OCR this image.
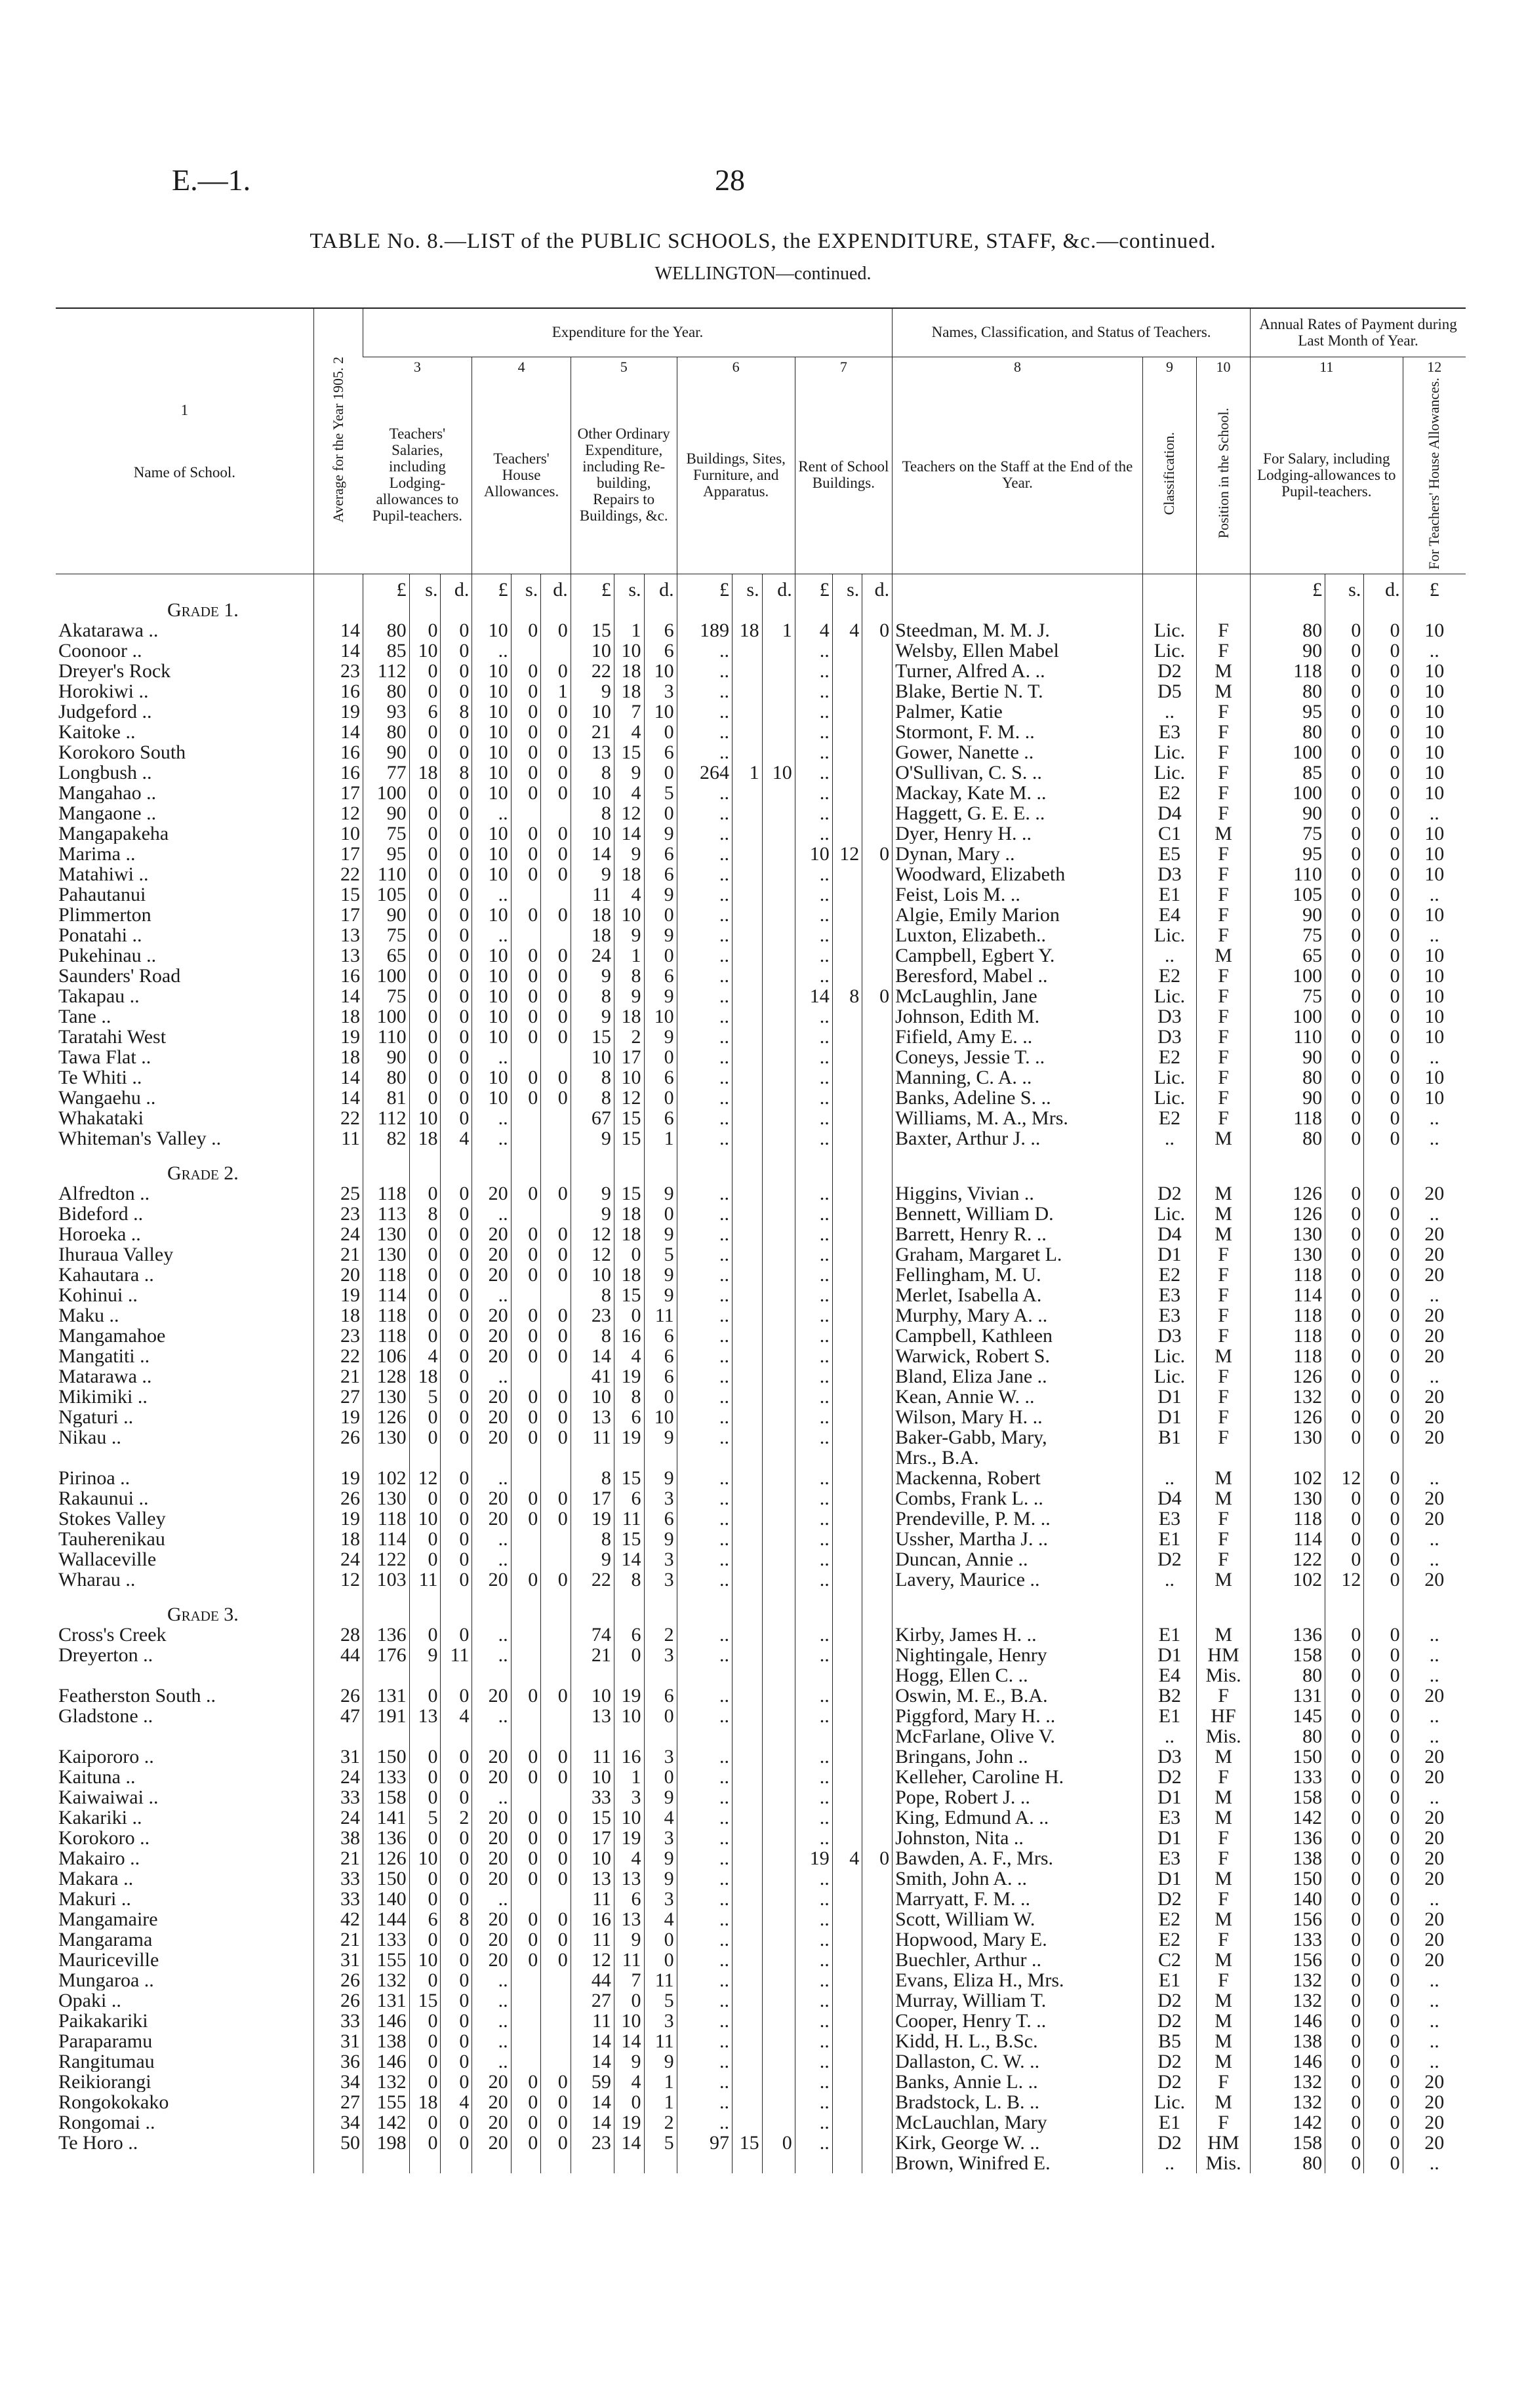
E.—1.	28
TABLE No. 8.—LIST of the PUBLIC SCHOOLS, the EXPENDITURE, STAFF, &c.—continued.
WELLINGTON—continued.
1
Name of School.	Average for the Year 1905. 2	Expenditure for the Year.															Names, Classification, and Status of Teachers.			Annual Rates of Payment during Last Month of Year.			
		3			4			5			6			7			8	9	10	11			12
		Teachers' Salaries, including Lodging-allowances to Pupil-teachers.			Teachers' House Allowances.			Other Ordinary Expenditure, including Re-building, Repairs to Buildings, &c.			Buildings, Sites, Furniture, and Apparatus.			Rent of School Buildings.			Teachers on the Staff at the End of the Year.	Classification.	Position in the School.	For Salary, including Lodging-allowances to Pupil-teachers.			For Teachers' House Allowances.
		£	s.	d.	£	s.	d.	£	s.	d.	£	s.	d.	£	s.	d.				£	s.	d.	£
Grade 1.																							
Akatarawa ..	14	80	0	0	10	0	0	15	1	6	189	18	1	4	4	0	Steedman, M. M. J.	Lic.	F	80	0	0	10
Coonoor ..	14	85	10	0	..			10	10	6	..			..			Welsby, Ellen Mabel	Lic.	F	90	0	0	..
Dreyer's Rock	23	112	0	0	10	0	0	22	18	10	..			..			Turner, Alfred A. ..	D2	M	118	0	0	10
Horokiwi ..	16	80	0	0	10	0	1	9	18	3	..			..			Blake, Bertie N. T.	D5	M	80	0	0	10
Judgeford ..	19	93	6	8	10	0	0	10	7	10	..			..			Palmer, Katie	..	F	95	0	0	10
Kaitoke ..	14	80	0	0	10	0	0	21	4	0	..			..			Stormont, F. M. ..	E3	F	80	0	0	10
Korokoro South	16	90	0	0	10	0	0	13	15	6	..			..			Gower, Nanette ..	Lic.	F	100	0	0	10
Longbush ..	16	77	18	8	10	0	0	8	9	0	264	1	10	..			O'Sullivan, C. S. ..	Lic.	F	85	0	0	10
Mangahao ..	17	100	0	0	10	0	0	10	4	5	..			..			Mackay, Kate M. ..	E2	F	100	0	0	10
Mangaone ..	12	90	0	0	..			8	12	0	..			..			Haggett, G. E. E. ..	D4	F	90	0	0	..
Mangapakeha	10	75	0	0	10	0	0	10	14	9	..			..			Dyer, Henry H. ..	C1	M	75	0	0	10
Marima ..	17	95	0	0	10	0	0	14	9	6	..			10	12	0	Dynan, Mary ..	E5	F	95	0	0	10
Matahiwi ..	22	110	0	0	10	0	0	9	18	6	..			..			Woodward, Elizabeth	D3	F	110	0	0	10
Pahautanui	15	105	0	0	..			11	4	9	..			..			Feist, Lois M. ..	E1	F	105	0	0	..
Plimmerton	17	90	0	0	10	0	0	18	10	0	..			..			Algie, Emily Marion	E4	F	90	0	0	10
Ponatahi ..	13	75	0	0	..			18	9	9	..			..			Luxton, Elizabeth..	Lic.	F	75	0	0	..
Pukehinau ..	13	65	0	0	10	0	0	24	1	0	..			..			Campbell, Egbert Y.	..	M	65	0	0	10
Saunders' Road	16	100	0	0	10	0	0	9	8	6	..			..			Beresford, Mabel ..	E2	F	100	0	0	10
Takapau ..	14	75	0	0	10	0	0	8	9	9	..			14	8	0	McLaughlin, Jane	Lic.	F	75	0	0	10
Tane ..	18	100	0	0	10	0	0	9	18	10	..			..			Johnson, Edith M.	D3	F	100	0	0	10
Taratahi West	19	110	0	0	10	0	0	15	2	9	..			..			Fifield, Amy E. ..	D3	F	110	0	0	10
Tawa Flat ..	18	90	0	0	..			10	17	0	..			..			Coneys, Jessie T. ..	E2	F	90	0	0	..
Te Whiti ..	14	80	0	0	10	0	0	8	10	6	..			..			Manning, C. A. ..	Lic.	F	80	0	0	10
Wangaehu ..	14	81	0	0	10	0	0	8	12	0	..			..			Banks, Adeline S. ..	Lic.	F	90	0	0	10
Whakataki	22	112	10	0	..			67	15	6	..			..			Williams, M. A., Mrs.	E2	F	118	0	0	..
Whiteman's Valley ..	11	82	18	4	..			9	15	1	..			..			Baxter, Arthur J. ..	..	M	80	0	0	..

Grade 2.																							
Alfredton ..	25	118	0	0	20	0	0	9	15	9	..			..			Higgins, Vivian ..	D2	M	126	0	0	20
Bideford ..	23	113	8	0	..			9	18	0	..			..			Bennett, William D.	Lic.	M	126	0	0	..
Horoeka ..	24	130	0	0	20	0	0	12	18	9	..			..			Barrett, Henry R. ..	D4	M	130	0	0	20
Ihuraua Valley	21	130	0	0	20	0	0	12	0	5	..			..			Graham, Margaret L.	D1	F	130	0	0	20
Kahautara ..	20	118	0	0	20	0	0	10	18	9	..			..			Fellingham, M. U.	E2	F	118	0	0	20
Kohinui ..	19	114	0	0	..			8	15	9	..			..			Merlet, Isabella A.	E3	F	114	0	0	..
Maku ..	18	118	0	0	20	0	0	23	0	11	..			..			Murphy, Mary A. ..	E3	F	118	0	0	20
Mangamahoe	23	118	0	0	20	0	0	8	16	6	..			..			Campbell, Kathleen	D3	F	118	0	0	20
Mangatiti ..	22	106	4	0	20	0	0	14	4	6	..			..			Warwick, Robert S.	Lic.	M	118	0	0	20
Matarawa ..	21	128	18	0	..			41	19	6	..			..			Bland, Eliza Jane ..	Lic.	F	126	0	0	..
Mikimiki ..	27	130	5	0	20	0	0	10	8	0	..			..			Kean, Annie W. ..	D1	F	132	0	0	20
Ngaturi ..	19	126	0	0	20	0	0	13	6	10	..			..			Wilson, Mary H. ..	D1	F	126	0	0	20
Nikau ..	26	130	0	0	20	0	0	11	19	9	..			..			Baker-Gabb, Mary,	B1	F	130	0	0	20
																	Mrs., B.A.						
Pirinoa ..	19	102	12	0	..			8	15	9	..			..			Mackenna, Robert	..	M	102	12	0	..
Rakaunui ..	26	130	0	0	20	0	0	17	6	3	..			..			Combs, Frank L. ..	D4	M	130	0	0	20
Stokes Valley	19	118	10	0	20	0	0	19	11	6	..			..			Prendeville, P. M. ..	E3	F	118	0	0	20
Tauherenikau	18	114	0	0	..			8	15	9	..			..			Ussher, Martha J. ..	E1	F	114	0	0	..
Wallaceville	24	122	0	0	..			9	14	3	..			..			Duncan, Annie ..	D2	F	122	0	0	..
Wharau ..	12	103	11	0	20	0	0	22	8	3	..			..			Lavery, Maurice ..	..	M	102	12	0	20

Grade 3.																							
Cross's Creek	28	136	0	0	..			74	6	2	..			..			Kirby, James H. ..	E1	M	136	0	0	..
Dreyerton ..	44	176	9	11	..			21	0	3	..			..			Nightingale, Henry	D1	HM	158	0	0	..
																	Hogg, Ellen C. ..	E4	Mis.	80	0	0	..
Featherston South ..	26	131	0	0	20	0	0	10	19	6	..			..			Oswin, M. E., B.A.	B2	F	131	0	0	20
Gladstone ..	47	191	13	4	..			13	10	0	..			..			Piggford, Mary H. ..	E1	HF	145	0	0	..
																	McFarlane, Olive V.	..	Mis.	80	0	0	..
Kaipororo ..	31	150	0	0	20	0	0	11	16	3	..			..			Bringans, John ..	D3	M	150	0	0	20
Kaituna ..	24	133	0	0	20	0	0	10	1	0	..			..			Kelleher, Caroline H.	D2	F	133	0	0	20
Kaiwaiwai ..	33	158	0	0	..			33	3	9	..			..			Pope, Robert J. ..	D1	M	158	0	0	..
Kakariki ..	24	141	5	2	20	0	0	15	10	4	..			..			King, Edmund A. ..	E3	M	142	0	0	20
Korokoro ..	38	136	0	0	20	0	0	17	19	3	..			..			Johnston, Nita ..	D1	F	136	0	0	20
Makairo ..	21	126	10	0	20	0	0	10	4	9	..			19	4	0	Bawden, A. F., Mrs.	E3	F	138	0	0	20
Makara ..	33	150	0	0	20	0	0	13	13	9	..			..			Smith, John A. ..	D1	M	150	0	0	20
Makuri ..	33	140	0	0	..			11	6	3	..			..			Marryatt, F. M. ..	D2	F	140	0	0	..
Mangamaire	42	144	6	8	20	0	0	16	13	4	..			..			Scott, William W.	E2	M	156	0	0	20
Mangarama	21	133	0	0	20	0	0	11	9	0	..			..			Hopwood, Mary E.	E2	F	133	0	0	20
Mauriceville	31	155	10	0	20	0	0	12	11	0	..			..			Buechler, Arthur ..	C2	M	156	0	0	20
Mungaroa ..	26	132	0	0	..			44	7	11	..			..			Evans, Eliza H., Mrs.	E1	F	132	0	0	..
Opaki ..	26	131	15	0	..			27	0	5	..			..			Murray, William T.	D2	M	132	0	0	..
Paikakariki	33	146	0	0	..			11	10	3	..			..			Cooper, Henry T. ..	D2	M	146	0	0	..
Paraparamu	31	138	0	0	..			14	14	11	..			..			Kidd, H. L., B.Sc.	B5	M	138	0	0	..
Rangitumau	36	146	0	0	..			14	9	9	..			..			Dallaston, C. W. ..	D2	M	146	0	0	..
Reikiorangi	34	132	0	0	20	0	0	59	4	1	..			..			Banks, Annie L. ..	D2	F	132	0	0	20
Rongokokako	27	155	18	4	20	0	0	14	0	1	..			..			Bradstock, L. B. ..	Lic.	M	132	0	0	20
Rongomai ..	34	142	0	0	20	0	0	14	19	2	..			..			McLauchlan, Mary	E1	F	142	0	0	20
Te Horo ..	50	198	0	0	20	0	0	23	14	5	97	15	0	..			Kirk, George W. ..	D2	HM	158	0	0	20
																	Brown, Winifred E.	..	Mis.	80	0	0	..
